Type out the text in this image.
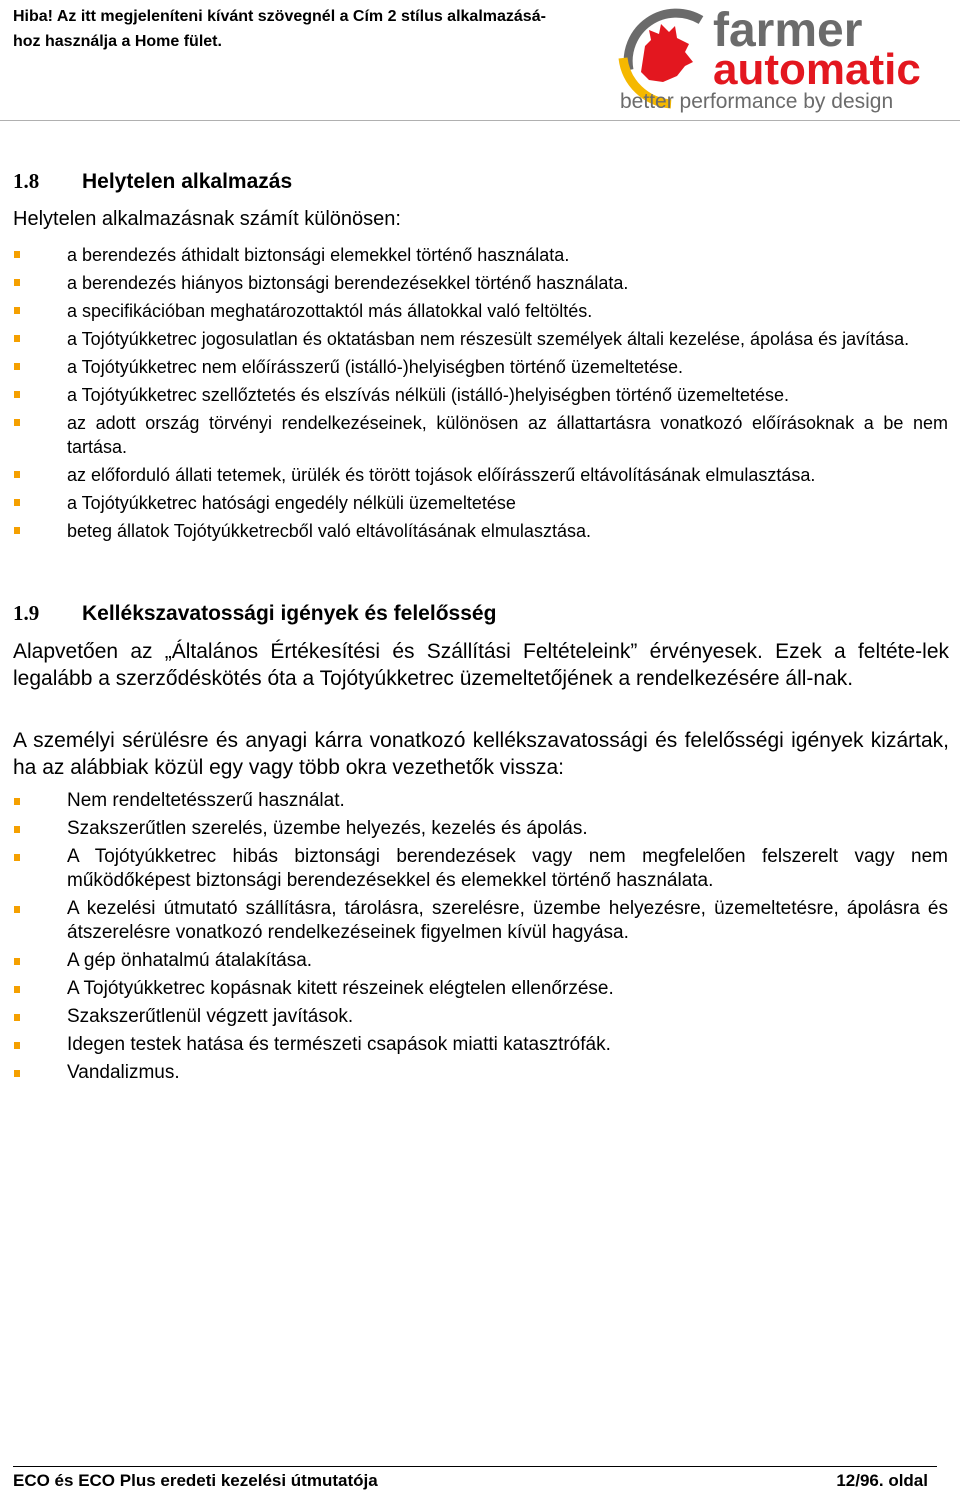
Hiba! Az itt megjeleníteni kívánt szövegnél a Cím 2 stílus alkalmazásá-
hoz használja a Home fület.	farmer
automatic
better performance by design
1.8 Helytelen alkalmazás
Helytelen alkalmazásnak számít különösen:
a berendezés áthidalt biztonsági elemekkel történő használata.
a berendezés hiányos biztonsági berendezésekkel történő használata.
a specifikációban meghatározottaktól más állatokkal való feltöltés.
a Tojótyúkketrec jogosulatlan és oktatásban nem részesült személyek általi kezelése, ápolása és javítása.
a Tojótyúkketrec nem előírásszerű (istálló-)helyiségben történő üzemeltetése.
a Tojótyúkketrec szellőztetés és elszívás nélküli (istálló-)helyiségben történő üzemeltetése.
az adott ország törvényi rendelkezéseinek, különösen az állattartásra vonatkozó előírásoknak a be nem tartása.
az előforduló állati tetemek, ürülék és törött tojások előírásszerű eltávolításának elmulasztása.
a Tojótyúkketrec hatósági engedély nélküli üzemeltetése
beteg állatok Tojótyúkketrecből való eltávolításának elmulasztása.
1.9 Kellékszavatossági igények és felelősség
Alapvetően az „Általános Értékesítési és Szállítási Feltételeink” érvényesek. Ezek a feltéte-lek legalább a szerződéskötés óta a Tojótyúkketrec üzemeltetőjének a rendelkezésére áll-nak.
A személyi sérülésre és anyagi kárra vonatkozó kellékszavatossági és felelősségi igények kizártak, ha az alábbiak közül egy vagy több okra vezethetők vissza:
Nem rendeltetésszerű használat.
Szakszerűtlen szerelés, üzembe helyezés, kezelés és ápolás.
A Tojótyúkketrec hibás biztonsági berendezések vagy nem megfelelően felszerelt vagy nem működőképest biztonsági berendezésekkel és elemekkel történő használata.
A kezelési útmutató szállításra, tárolásra, szerelésre, üzembe helyezésre, üzemeltetésre, ápolásra és átszerelésre vonatkozó rendelkezéseinek figyelmen kívül hagyása.
A gép önhatalmú átalakítása.
A Tojótyúkketrec kopásnak kitett részeinek elégtelen ellenőrzése.
Szakszerűtlenül végzett javítások.
Idegen testek hatása és természeti csapások miatti katasztrófák.
Vandalizmus.
ECO és ECO Plus eredeti kezelési útmutatója	12/96. oldal
